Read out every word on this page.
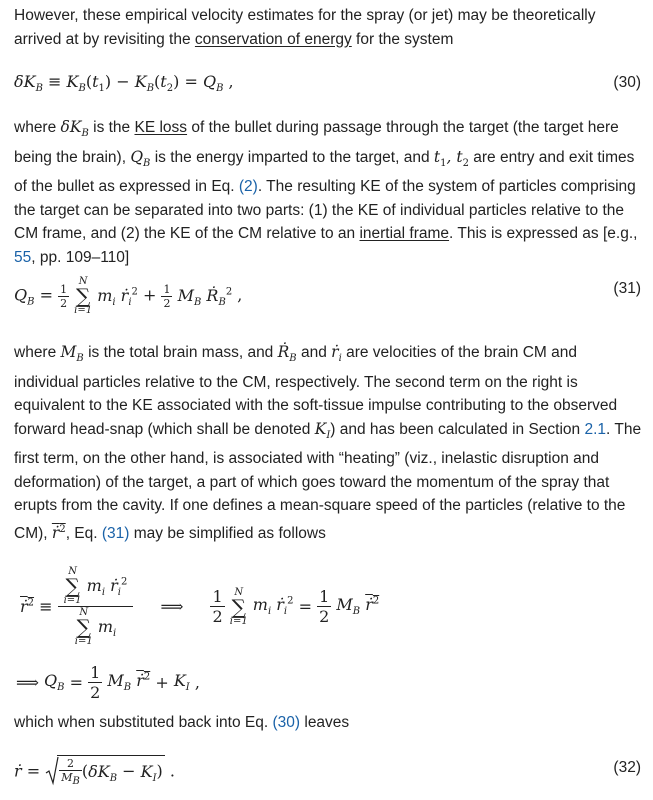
However, these empirical velocity estimates for the spray (or jet) may be theoretically arrived at by revisiting the conservation of energy for the system

$\delta K_B \equiv K_B(t_1) - K_B(t_2) = Q_B$ ,	(30)

where $\delta K_B$ is the KE loss of the bullet during passage through the target (the target here being the brain), $Q_B$ is the energy imparted to the target, and $t_1$, $t_2$ are entry and exit times of the bullet as expressed in Eq. (2). The resulting KE of the system of particles comprising the target can be separated into two parts: (1) the KE of individual particles relative to the CM frame, and (2) the KE of the CM relative to an inertial frame. This is expressed as [e.g., 55, pp. 109–110]

$Q_B = \frac{1}{2}$

N
∑
i=1
$m_i$ ṙ$_i^2$ + $\frac{1}{2} M_B$ Ṙ$_B^2$ ,	(31)

where $M_B$ is the total brain mass, and Ṙ$_B$ and ṙ$_i$ are velocities of the brain CM and individual particles relative to the CM, respectively. The second term on the right is equivalent to the KE associated with the soft-tissue impulse contributing to the observed forward head-snap (which shall be denoted $K_I$) and has been calculated in Section 2.1. The first term, on the other hand, is associated with “heating” (viz., inelastic disruption and deformation) of the target, a part of which goes toward the momentum of the spray that erupts from the cavity. If one defines a mean-square speed of the particles (relative to the CM), ṙ$^2$, Eq. (31) may be simplified as follows

ṙ$^2$ ≡ N
∑
i=1
$m_i$ ṙ$_i^2$
N
∑
i=1
$m_i$ ⟹ $\frac{1}{2}$
N
∑
i=1
$m_i$ ṙ$_i^2$ = $\frac{1}{2} M_B$ ṙ$^2$
⟹ $Q_B = \frac{1}{2} M_B$ ṙ$^2$ + $K_I$ ,

which when substituted back into Eq. (30) leaves

ṙ = $\frac{2}{M_B} (\delta K_B - K_I)$ .	(32)
